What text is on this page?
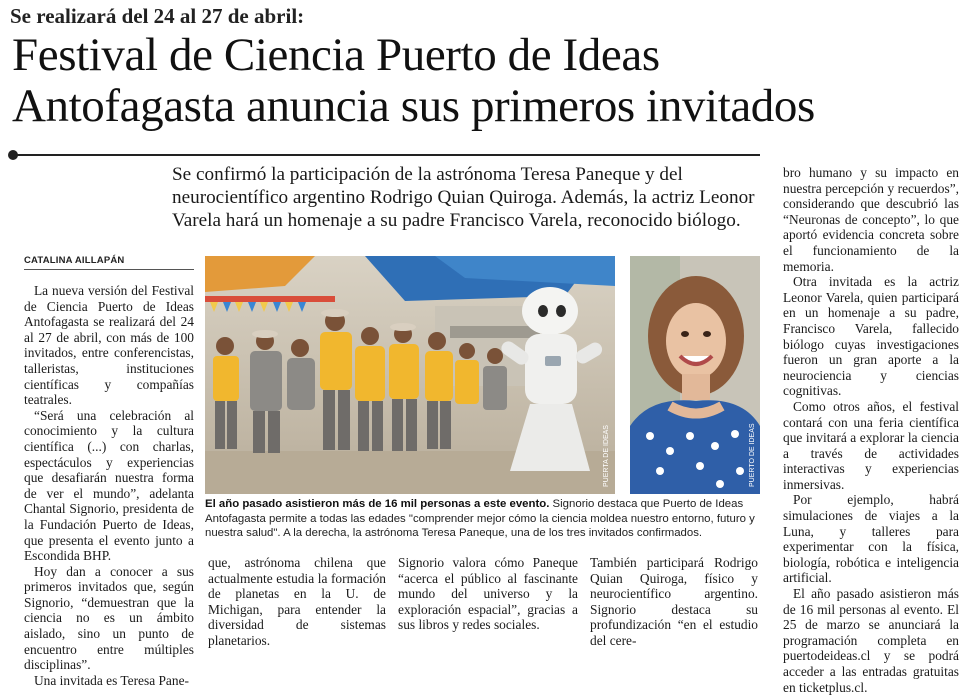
Se realizará del 24 al 27 de abril:
Festival de Ciencia Puerto de Ideas
Antofagasta anuncia sus primeros invitados

Se confirmó la participación de la astrónoma Teresa Paneque y del neurocientífico argentino Rodrigo Quian Quiroga. Además, la actriz Leonor Varela hará un homenaje a su padre Francisco Varela, reconocido biólogo.

CATALINA AILLAPÁN

La nueva versión del Festival de Ciencia Puerto de Ideas Antofagasta se realizará del 24 al 27 de abril, con más de 100 invitados, entre conferencistas, talleristas, instituciones científicas y compañías teatrales.

“Será una celebración al conocimiento y la cultura científica (...) con charlas, espectáculos y experiencias que desafiarán nuestra forma de ver el mundo”, adelanta Chantal Signorio, presidenta de la Fundación Puerto de Ideas, que presenta el evento junto a Escondida BHP.

Hoy dan a conocer a sus primeros invitados que, según Signorio, “demuestran que la ciencia no es un ámbito aislado, sino un punto de encuentro entre múltiples disciplinas”.

Una invitada es Teresa Pane-

PUERTA DE IDEAS	PUERTO DE IDEAS
El año pasado asistieron más de 16 mil personas a este evento. Signorio destaca que Puerto de Ideas Antofagasta permite a todas las edades "comprender mejor cómo la ciencia moldea nuestro entorno, futuro y nuestra salud". A la derecha, la astrónoma Teresa Paneque, una de los tres invitados confirmados.

que, astrónoma chilena que actualmente estudia la formación de planetas en la U. de Michigan, para entender la diversidad de sistemas planetarios.

Signorio valora cómo Paneque “acerca el público al fascinante mundo del universo y la exploración espacial”, gracias a sus libros y redes sociales.

También participará Rodrigo Quian Quiroga, físico y neurocientífico argentino. Signorio destaca su profundización “en el estudio del cere-

bro humano y su impacto en nuestra percepción y recuerdos”, considerando que descubrió las “Neuronas de concepto”, lo que aportó evidencia concreta sobre el funcionamiento de la memoria.

Otra invitada es la actriz Leonor Varela, quien participará en un homenaje a su padre, Francisco Varela, fallecido biólogo cuyas investigaciones fueron un gran aporte a la neurociencia y ciencias cognitivas.

Como otros años, el festival contará con una feria científica que invitará a explorar la ciencia a través de actividades interactivas y experiencias inmersivas.

Por ejemplo, habrá simulaciones de viajes a la Luna, y talleres para experimentar con la física, biología, robótica e inteligencia artificial.

El año pasado asistieron más de 16 mil personas al evento. El 25 de marzo se anunciará la programación completa en puertodeideas.cl y se podrá acceder a las entradas gratuitas en ticketplus.cl.
